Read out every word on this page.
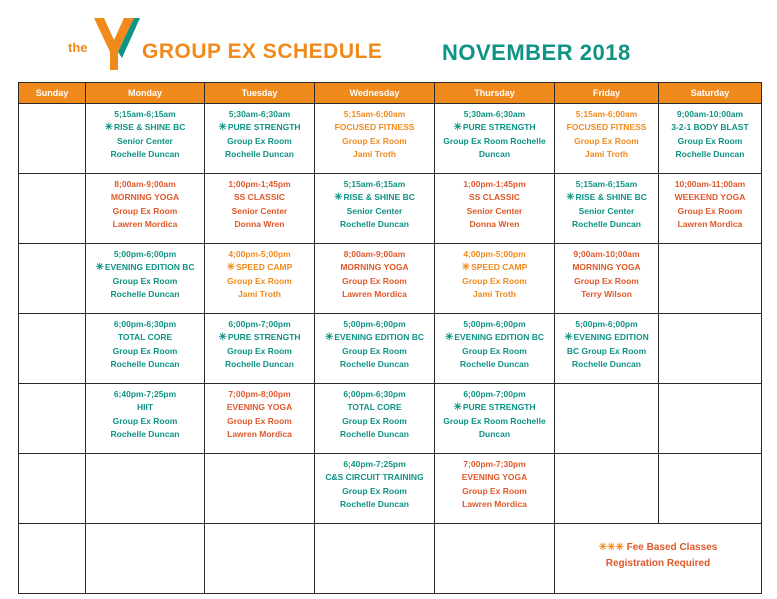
the	GROUP EX SCHEDULE	NOVEMBER 2018
Sunday	Monday	Tuesday	Wednesday	Thursday	Friday	Saturday

	5;15am-6;15am
✳RISE & SHINE BC
Senior Center
Rochelle Duncan	5;30am-6;30am
✳PURE STRENGTH
Group Ex Room
Rochelle Duncan	5;15am-6;00am
FOCUSED FITNESS
Group Ex Room
Jami Troth	5;30am-6;30am
✳PURE STRENGTH
Group Ex Room Rochelle
Duncan	5;15am-6;00am
FOCUSED FITNESS
Group Ex Room
Jami Troth	9;00am-10;00am
3-2-1 BODY BLAST
Group Ex Room
Rochelle Duncan

	8;00am-9;00am
MORNING YOGA
Group Ex Room
Lawren Mordica	1;00pm-1;45pm
SS CLASSIC
Senior Center
Donna Wren	5;15am-6;15am
✳RISE & SHINE BC
Senior Center
Rochelle Duncan	1;00pm-1;45pm
SS CLASSIC
Senior Center
Donna Wren	5;15am-6;15am
✳RISE & SHINE BC
Senior Center
Rochelle Duncan	10;00am-11;00am
WEEKEND YOGA
Group Ex Room
Lawren Mordica

	5;00pm-6;00pm
✳EVENING EDITION BC
Group Ex Room
Rochelle Duncan	4;00pm-5;00pm
✳SPEED CAMP
Group Ex Room
Jami Troth	8;00am-9;00am
MORNING YOGA
Group Ex Room
Lawren Mordica	4;00pm-5;00pm
✳SPEED CAMP
Group Ex Room
Jami Troth	9;00am-10;00am
MORNING YOGA
Group Ex Room
Terry Wilson	

	6;00pm-6;30pm
TOTAL CORE
Group Ex Room
Rochelle Duncan	6;00pm-7;00pm
✳PURE STRENGTH
Group Ex Room
Rochelle Duncan	5;00pm-6;00pm
✳EVENING EDITION BC
Group Ex Room
Rochelle Duncan	5;00pm-6;00pm
✳EVENING EDITION BC
Group Ex Room
Rochelle Duncan	5;00pm-6;00pm
✳EVENING EDITION
BC Group Ex Room
Rochelle Duncan	

	6;40pm-7;25pm
HIIT
Group Ex Room
Rochelle Duncan	7;00pm-8;00pm
EVENING YOGA
Group Ex Room
Lawren Mordica	6;00pm-6;30pm
TOTAL CORE
Group Ex Room
Rochelle Duncan	6;00pm-7;00pm
✳PURE STRENGTH
Group Ex Room Rochelle
Duncan		

			6;40pm-7;25pm
C&S CIRCUIT TRAINING
Group Ex Room
Rochelle Duncan	7;00pm-7;30pm
EVENING YOGA
Group Ex Room
Lawren Mordica		

					✳✳✳ Fee Based Classes
Registration Required	
